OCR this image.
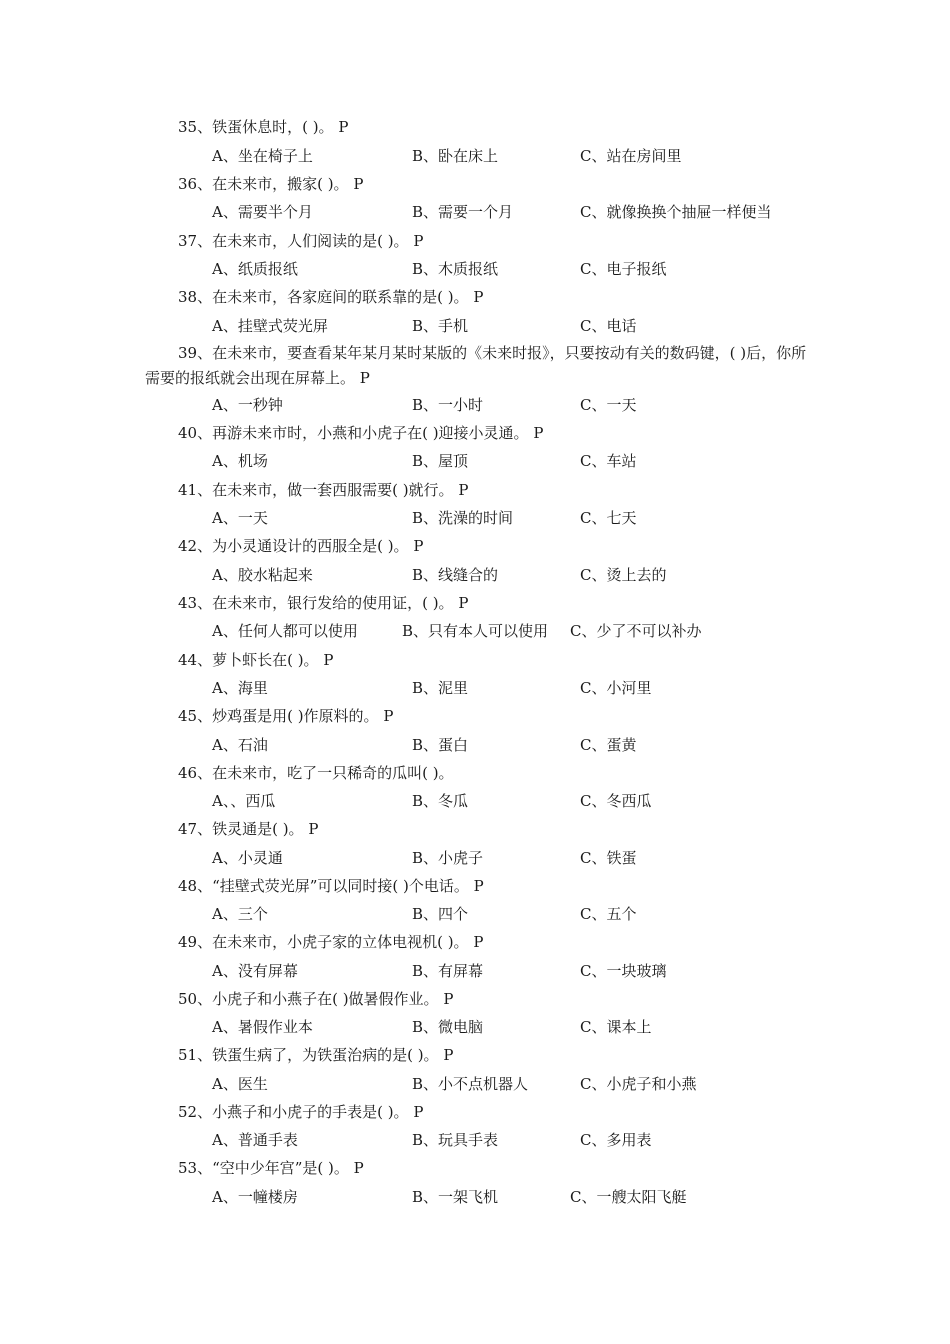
35、铁蛋休息时，( )。 P
A、坐在椅子上	B、卧在床上	C、站在房间里
36、在未来市，搬家( )。 P
A、需要半个月	B、需要一个月	C、就像换换个抽屉一样便当
37、在未来市，人们阅读的是( )。 P
A、纸质报纸	B、木质报纸	C、电子报纸
38、在未来市，各家庭间的联系靠的是( )。 P
A、挂壁式荧光屏	B、手机	C、电话
39、在未来市，要查看某年某月某时某版的《未来时报》，只要按动有关的数码键，( )后，你所需要的报纸就会出现在屏幕上。 P
A、一秒钟	B、一小时	C、一天
40、再游未来市时，小燕和小虎子在( )迎接小灵通。 P
A、机场	B、屋顶	C、车站
41、在未来市，做一套西服需要( )就行。 P
A、一天	B、洗澡的时间	C、七天
42、为小灵通设计的西服全是( )。 P
A、胶水粘起来	B、线缝合的	C、烫上去的
43、在未来市，银行发给的使用证，( )。 P
A、任何人都可以使用	B、只有本人可以使用 C、少了不可以补办
44、萝卜虾长在( )。 P
A、海里	B、泥里	C、小河里
45、炒鸡蛋是用( )作原料的。 P
A、石油	B、蛋白	C、蛋黄
46、在未来市，吃了一只稀奇的瓜叫( )。
A、、西瓜	B、冬瓜	C、冬西瓜
47、铁灵通是( )。 P
A、小灵通	B、小虎子	C、铁蛋
48、“挂壁式荧光屏”可以同时接( )个电话。 P
A、三个	B、四个	C、五个
49、在未来市，小虎子家的立体电视机( )。 P
A、没有屏幕	B、有屏幕	C、一块玻璃
50、小虎子和小燕子在( )做暑假作业。 P
A、暑假作业本	B、微电脑	C、课本上
51、铁蛋生病了，为铁蛋治病的是( )。 P
A、医生	B、小不点机器人	C、小虎子和小燕
52、小燕子和小虎子的手表是( )。 P
A、普通手表	B、玩具手表	C、多用表
53、“空中少年宫”是( )。 P
A、一幢楼房	B、一架飞机	C、一艘太阳飞艇
